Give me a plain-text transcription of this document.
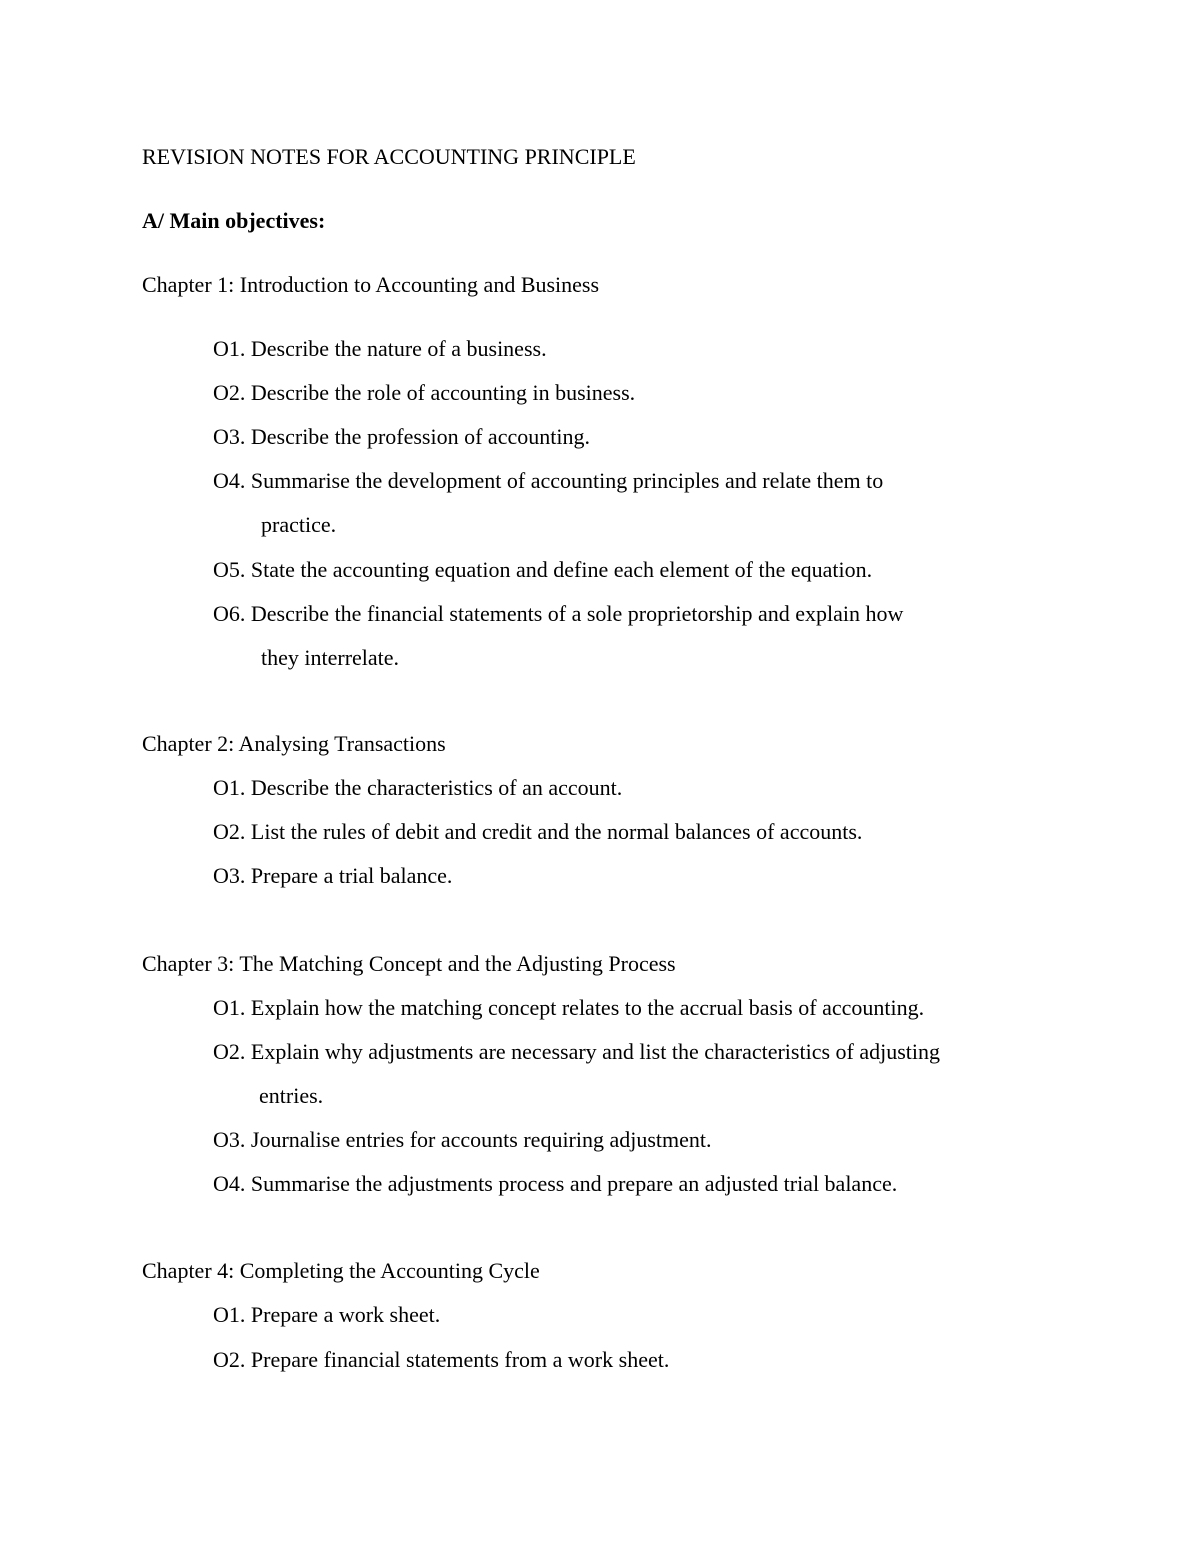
REVISION NOTES FOR ACCOUNTING PRINCIPLE
A/ Main objectives:
Chapter 1: Introduction to Accounting and Business
O1. Describe the nature of a business.
O2. Describe the role of accounting in business.
O3. Describe the profession of accounting.
O4. Summarise the development of accounting principles and relate them to
practice.
O5. State the accounting equation and define each element of the equation.
O6. Describe the financial statements of a sole proprietorship and explain how
they interrelate.
Chapter 2: Analysing Transactions
O1. Describe the characteristics of an account.
O2. List the rules of debit and credit and the normal balances of accounts.
O3. Prepare a trial balance.
Chapter 3: The Matching Concept and the Adjusting Process
O1. Explain how the matching concept relates to the accrual basis of accounting.
O2. Explain why adjustments are necessary and list the characteristics of adjusting
entries.
O3. Journalise entries for accounts requiring adjustment.
O4. Summarise the adjustments process and prepare an adjusted trial balance.
Chapter 4: Completing the Accounting Cycle
O1. Prepare a work sheet.
O2. Prepare financial statements from a work sheet.
